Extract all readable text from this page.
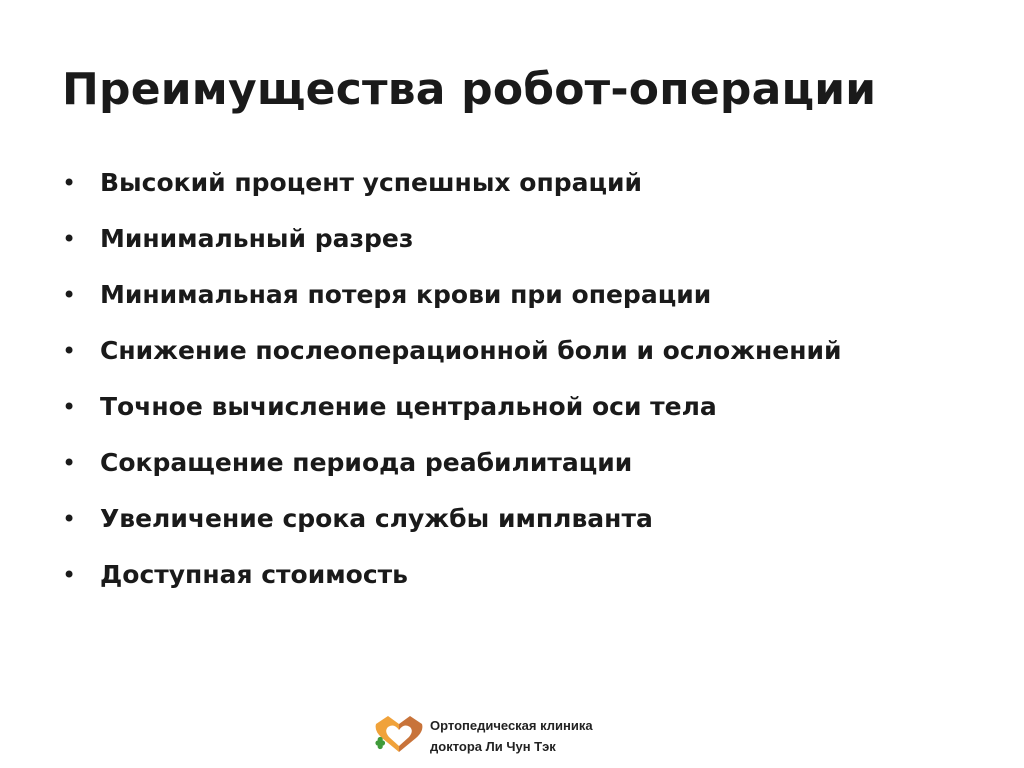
Преимущества робот-операции
• Высокий процент успешных опраций
• Минимальный разрез
• Минимальная потеря крови при операции
• Снижение послеоперационной боли и осложнений
• Точное вычисление центральной оси тела
• Сокращение периода реабилитации
• Увеличение срока службы имплванта
• Доступная стоимость
Ортопедическая клиника
доктора Ли Чун Тэк
